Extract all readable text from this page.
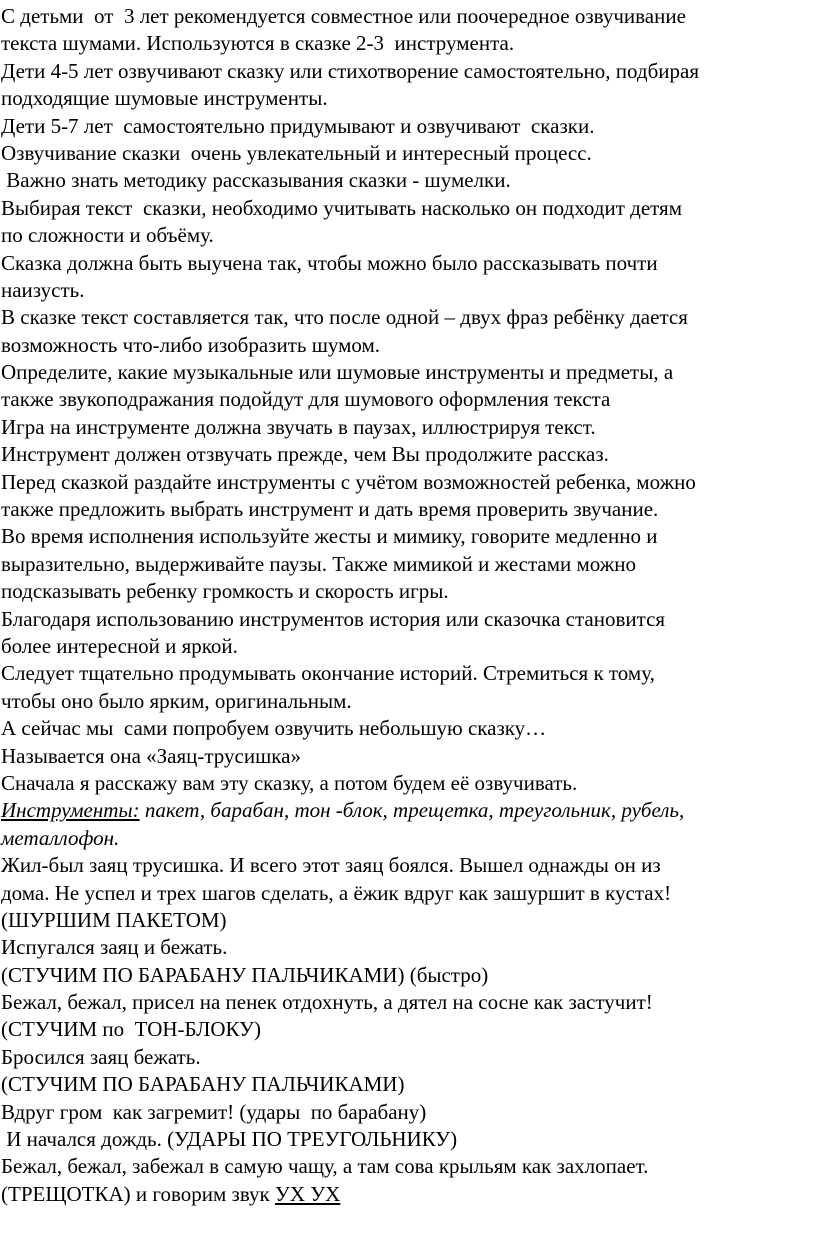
С детьми  от  3 лет рекомендуется совместное или поочередное озвучивание
текста шумами. Используются в сказке 2-3  инструмента.
Дети 4-5 лет озвучивают сказку или стихотворение самостоятельно, подбирая
подходящие шумовые инструменты.
Дети 5-7 лет  самостоятельно придумывают и озвучивают  сказки.
Озвучивание сказки  очень увлекательный и интересный процесс.
Важно знать методику рассказывания сказки - шумелки.
Выбирая текст  сказки, необходимо учитывать насколько он подходит детям
по сложности и объёму.
Сказка должна быть выучена так, чтобы можно было рассказывать почти
наизусть.
В сказке текст составляется так, что после одной – двух фраз ребёнку дается
возможность что-либо изобразить шумом.
Определите, какие музыкальные или шумовые инструменты и предметы, а
также звукоподражания подойдут для шумового оформления текста
Игра на инструменте должна звучать в паузах, иллюстрируя текст.
Инструмент должен отзвучать прежде, чем Вы продолжите рассказ.
Перед сказкой раздайте инструменты с учётом возможностей ребенка, можно
также предложить выбрать инструмент и дать время проверить звучание.
Во время исполнения используйте жесты и мимику, говорите медленно и
выразительно, выдерживайте паузы. Также мимикой и жестами можно
подсказывать ребенку громкость и скорость игры.
Благодаря использованию инструментов история или сказочка становится
более интересной и яркой.
Следует тщательно продумывать окончание историй. Стремиться к тому,
чтобы оно было ярким, оригинальным.
А сейчас мы  сами попробуем озвучить небольшую сказку…
Называется она «Заяц-трусишка»
Сначала я расскажу вам эту сказку, а потом будем её озвучивать.
Инструменты: пакет, барабан, тон -блок, трещетка, треугольник, рубель,
металлофон.
Жил-был заяц трусишка. И всего этот заяц боялся. Вышел однажды он из
дома. Не успел и трех шагов сделать, а ёжик вдруг как зашуршит в кустах!
(ШУРШИМ ПАКЕТОМ)
Испугался заяц и бежать.
(СТУЧИМ ПО БАРАБАНУ ПАЛЬЧИКАМИ) (быстро)
Бежал, бежал, присел на пенек отдохнуть, а дятел на сосне как застучит!
(СТУЧИМ по  ТОН-БЛОКУ)
Бросился заяц бежать.
(СТУЧИМ ПО БАРАБАНУ ПАЛЬЧИКАМИ)
Вдруг гром  как загремит! (удары  по барабану)
И начался дождь. (УДАРЫ ПО ТРЕУГОЛЬНИКУ)
Бежал, бежал, забежал в самую чащу, а там сова крыльям как захлопает.
(ТРЕЩОТКА) и говорим звук УХ УХ
